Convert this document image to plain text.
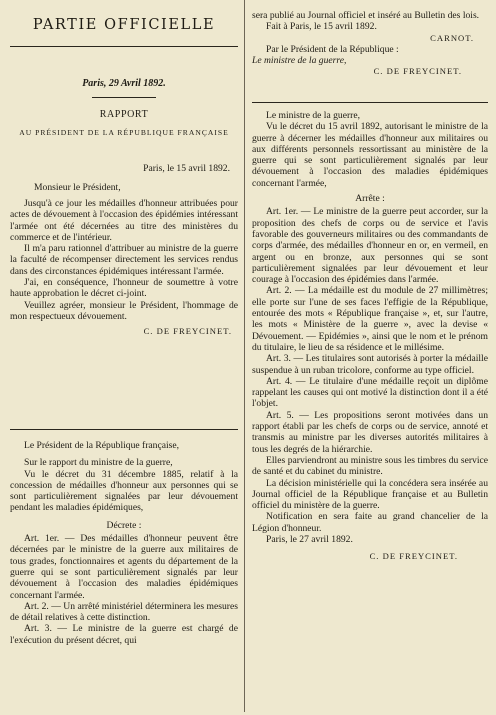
PARTIE OFFICIELLE
Paris, 29 Avril 1892.
RAPPORT
AU PRÉSIDENT DE LA RÉPUBLIQUE FRANÇAISE
Paris, le 15 avril 1892.
Monsieur le Président,

Jusqu'à ce jour les médailles d'honneur attribuées pour actes de dévouement à l'occasion des épidémies intéressant l'armée ont été décernées au titre des ministères du commerce et de l'intérieur.

Il m'a paru rationnel d'attribuer au ministre de la guerre la faculté de récompenser directement les services rendus dans des circonstances épidémiques intéressant l'armée.

J'ai, en conséquence, l'honneur de soumettre à votre haute approbation le décret ci-joint.

Veuillez agréer, monsieur le Président, l'hommage de mon respectueux dévouement.

C. DE FREYCINET.

Le Président de la République française,

Sur le rapport du ministre de la guerre,

Vu le décret du 31 décembre 1885, relatif à la concession de médailles d'honneur aux personnes qui se sont particulièrement signalées par leur dévouement pendant les maladies épidémiques,

Décrete :

Art. 1er. — Des médailles d'honneur peuvent être décernées par le ministre de la guerre aux militaires de tous grades, fonctionnaires et agents du département de la guerre qui se sont particulièrement signalés par leur dévouement à l'occasion des maladies épidémiques concernant l'armée.

Art. 2. — Un arrêté ministériel déterminera les mesures de détail relatives à cette distinction.

Art. 3. — Le ministre de la guerre est chargé de l'exécution du présent décret, qui

sera publié au Journal officiel et inséré au Bulletin des lois.

Fait à Paris, le 15 avril 1892.

CARNOT.

Par le Président de la République :

Le ministre de la guerre,

C. DE FREYCINET.

Le ministre de la guerre,

Vu le décret du 15 avril 1892, autorisant le ministre de la guerre à décerner les médailles d'honneur aux militaires ou aux différents personnels ressortissant au ministère de la guerre qui se sont particulièrement signalés par leur dévouement à l'occasion des maladies épidémiques concernant l'armée,

Arrête :

Art. 1er. — Le ministre de la guerre peut accorder, sur la proposition des chefs de corps ou de service et l'avis favorable des gouverneurs militaires ou des commandants de corps d'armée, des médailles d'honneur en or, en vermeil, en argent ou en bronze, aux personnes qui se sont particulièrement signalées par leur dévouement et leur courage à l'occasion des épidémies dans l'armée.

Art. 2. — La médaille est du module de 27 millimètres; elle porte sur l'une de ses faces l'effigie de la République, entourée des mots « République française », et, sur l'autre, les mots « Ministère de la guerre », avec la devise « Dévouement. — Epidémies », ainsi que le nom et le prénom du titulaire, le lieu de sa résidence et le millésime.

Art. 3. — Les titulaires sont autorisés à porter la médaille suspendue à un ruban tricolore, conforme au type officiel.

Art. 4. — Le titulaire d'une médaille reçoit un diplôme rappelant les causes qui ont motivé la distinction dont il a été l'objet.

Art. 5. — Les propositions seront motivées dans un rapport établi par les chefs de corps ou de service, annoté et transmis au ministre par les diverses autorités militaires à tous les degrés de la hiérarchie.

Elles parviendront au ministre sous les timbres du service de santé et du cabinet du ministre.

La décision ministérielle qui la concédera sera insérée au Journal officiel de la République française et au Bulletin officiel du ministère de la guerre.

Notification en sera faite au grand chancelier de la Légion d'honneur.

Paris, le 27 avril 1892.

C. DE FREYCINET.
